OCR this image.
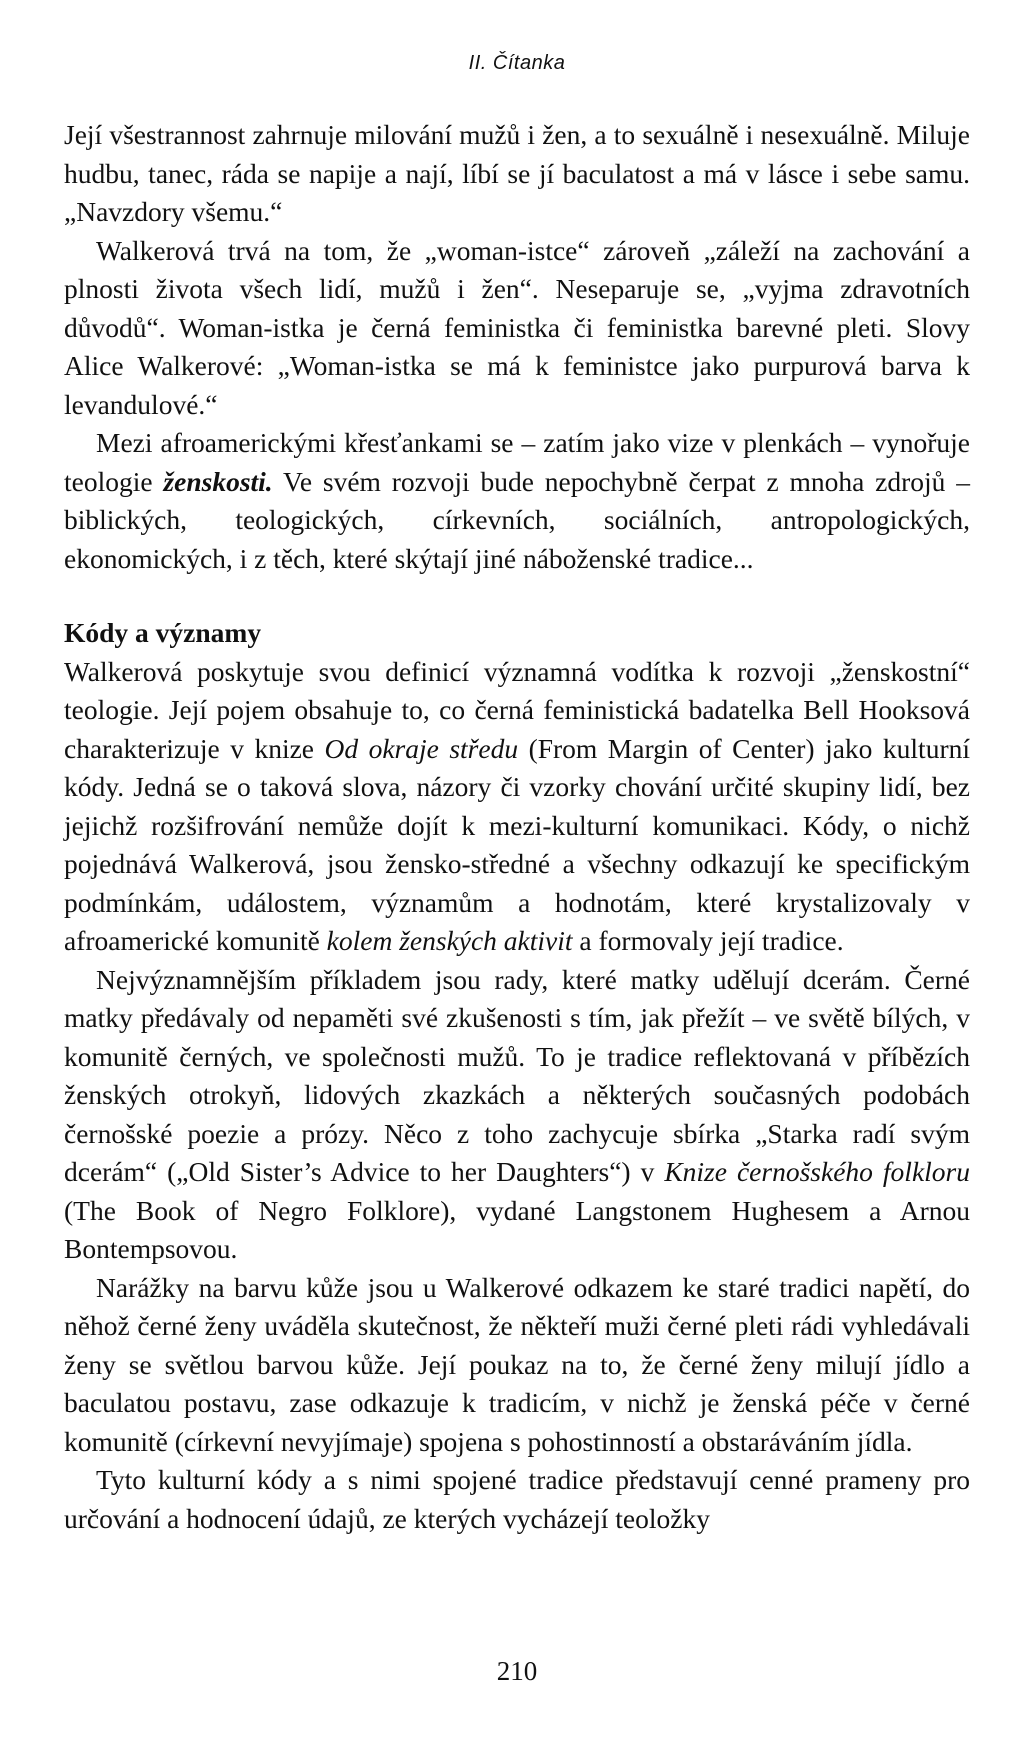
II. Čítanka

Její všestrannost zahrnuje milování mužů i žen, a to sexuálně i nesexuálně. Miluje hudbu, tanec, ráda se napije a nají, líbí se jí baculatost a má v lásce i sebe samu. „Navzdory všemu.“

Walkerová trvá na tom, že „woman-istce“ zároveň „záleží na zachování a plnosti života všech lidí, mužů i žen“. Neseparuje se, „vyjma zdravotních důvodů“. Woman-istka je černá feministka či feministka barevné pleti. Slovy Alice Walkerové: „Woman-istka se má k feministce jako purpurová barva k levandulové.“

Mezi afroamerickými křesťankami se – zatím jako vize v plenkách – vynořuje teologie ženskosti. Ve svém rozvoji bude nepochybně čerpat z mnoha zdrojů – biblických, teologických, církevních, sociálních, antropologických, ekonomických, i z těch, které skýtají jiné náboženské tradice...

Kódy a významy

Walkerová poskytuje svou definicí významná vodítka k rozvoji „ženskostní“ teologie. Její pojem obsahuje to, co černá feministická badatelka Bell Hooksová charakterizuje v knize Od okraje středu (From Margin of Center) jako kulturní kódy. Jedná se o taková slova, názory či vzorky chování určité skupiny lidí, bez jejichž rozšifrování nemůže dojít k mezi-kulturní komunikaci. Kódy, o nichž pojednává Walkerová, jsou žensko-středné a všechny odkazují ke specifickým podmínkám, událostem, významům a hodnotám, které krystalizovaly v afroamerické komunitě kolem ženských aktivit a formovaly její tradice.

Nejvýznamnějším příkladem jsou rady, které matky udělují dcerám. Černé matky předávaly od nepaměti své zkušenosti s tím, jak přežít – ve světě bílých, v komunitě černých, ve společnosti mužů. To je tradice reflektovaná v příbězích ženských otrokyň, lidových zkazkách a některých současných podobách černošské poezie a prózy. Něco z toho zachycuje sbírka „Starka radí svým dcerám“ („Old Sister’s Advice to her Daughters“) v Knize černošského folkloru (The Book of Negro Folklore), vydané Langstonem Hughesem a Arnou Bontempsovou.

Narážky na barvu kůže jsou u Walkerové odkazem ke staré tradici napětí, do něhož černé ženy uváděla skutečnost, že někteří muži černé pleti rádi vyhledávali ženy se světlou barvou kůže. Její poukaz na to, že černé ženy milují jídlo a baculatou postavu, zase odkazuje k tradicím, v nichž je ženská péče v černé komunitě (církevní nevyjímaje) spojena s pohostinností a obstaráváním jídla.

Tyto kulturní kódy a s nimi spojené tradice představují cenné prameny pro určování a hodnocení údajů, ze kterých vycházejí teoložky

210
